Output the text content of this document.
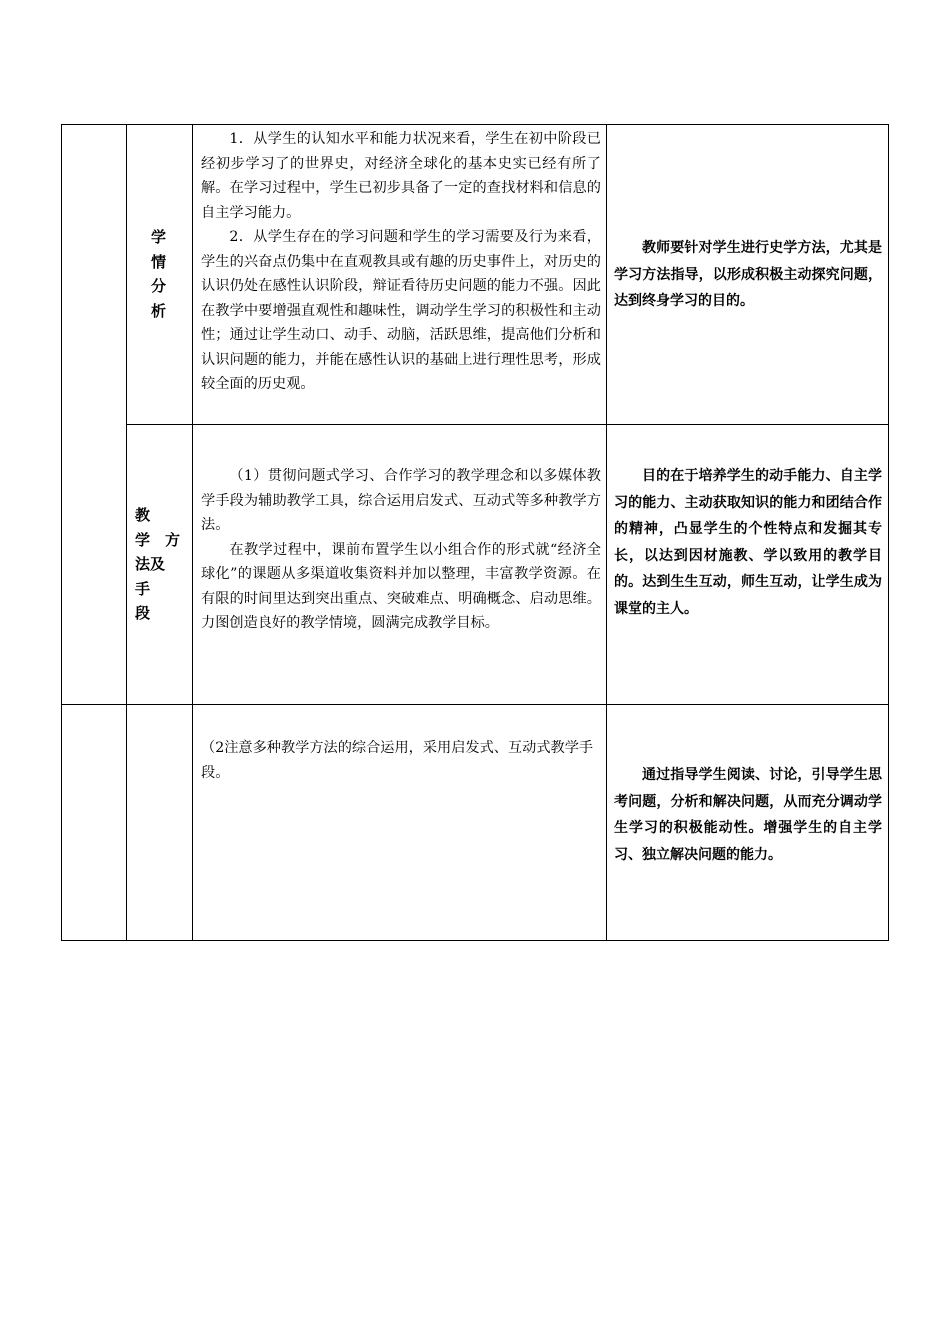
学
情
分
析

1．从学生的认知水平和能力状况来看，学生在初中阶段已经初步学习了的世界史，对经济全球化的基本史实已经有所了解。在学习过程中，学生已初步具备了一定的查找材料和信息的自主学习能力。

2．从学生存在的学习问题和学生的学习需要及行为来看，学生的兴奋点仍集中在直观教具或有趣的历史事件上，对历史的认识仍处在感性认识阶段，辩证看待历史问题的能力不强。因此在教学中要增强直观性和趣味性，调动学生学习的积极性和主动性；通过让学生动口、动手、动脑，活跃思维，提高他们分析和认识问题的能力，并能在感性认识的基础上进行理性思考，形成较全面的历史观。

教师要针对学生进行史学方法，尤其是学习方法指导，以形成积极主动探究问题，达到终身学习的目的。

教
学　方
法及
手
段

（1）贯彻问题式学习、合作学习的教学理念和以多媒体教学手段为辅助教学工具，综合运用启发式、互动式等多种教学方法。

在教学过程中，课前布置学生以小组合作的形式就“经济全球化”的课题从多渠道收集资料并加以整理，丰富教学资源。在有限的时间里达到突出重点、突破难点、明确概念、启动思维。力图创造良好的教学情境，圆满完成教学目标。

目的在于培养学生的动手能力、自主学习的能力、主动获取知识的能力和团结合作的精神，凸显学生的个性特点和发掘其专长，以达到因材施教、学以致用的教学目的。达到生生互动，师生互动，让学生成为课堂的主人。

（2注意多种教学方法的综合运用，采用启发式、互动式教学手段。	通过指导学生阅读、讨论，引导学生思考问题，分析和解决问题，从而充分调动学生学习的积极能动性。增强学生的自主学习、独立解决问题的能力。
